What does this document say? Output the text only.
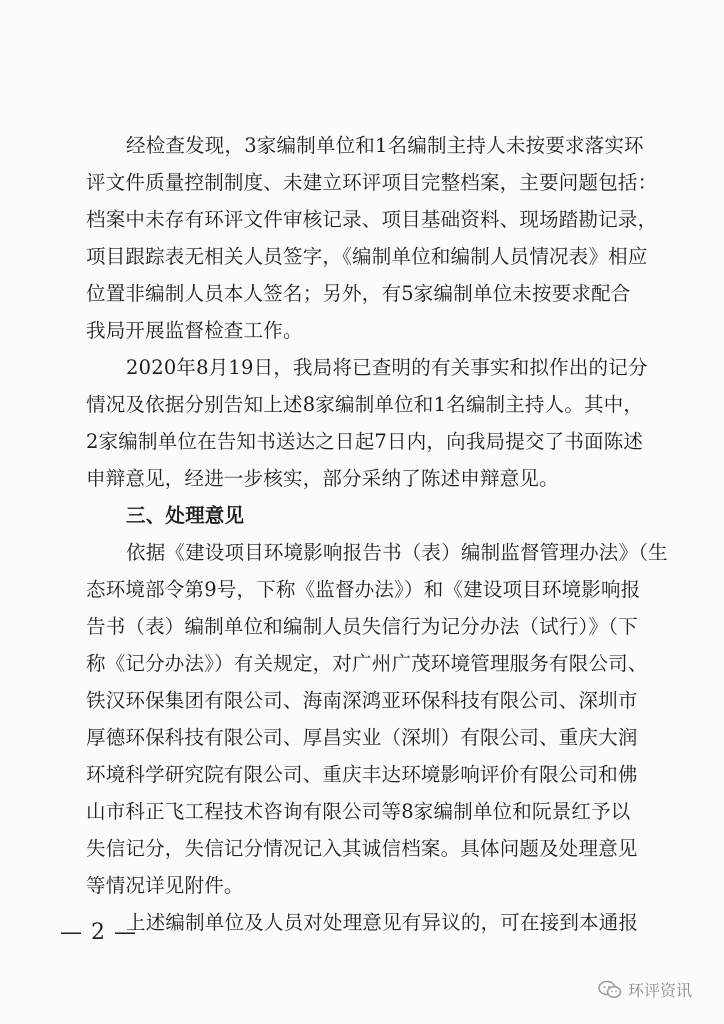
经检查发现，3家编制单位和1名编制主持人未按要求落实环
评文件质量控制制度、未建立环评项目完整档案，主要问题包括：
档案中未存有环评文件审核记录、项目基础资料、现场踏勘记录，
项目跟踪表无相关人员签字，《编制单位和编制人员情况表》相应
位置非编制人员本人签名；另外，有5家编制单位未按要求配合
我局开展监督检查工作。
2020年8月19日，我局将已查明的有关事实和拟作出的记分
情况及依据分别告知上述8家编制单位和1名编制主持人。其中，
2家编制单位在告知书送达之日起7日内，向我局提交了书面陈述
申辩意见，经进一步核实，部分采纳了陈述申辩意见。
三、处理意见
依据《建设项目环境影响报告书（表）编制监督管理办法》（生
态环境部令第9号，下称《监督办法》）和《建设项目环境影响报
告书（表）编制单位和编制人员失信行为记分办法（试行）》（下
称《记分办法》）有关规定，对广州广茂环境管理服务有限公司、
铁汉环保集团有限公司、海南深鸿亚环保科技有限公司、深圳市
厚德环保科技有限公司、厚昌实业（深圳）有限公司、重庆大润
环境科学研究院有限公司、重庆丰达环境影响评价有限公司和佛
山市科正飞工程技术咨询有限公司等8家编制单位和阮景红予以
失信记分，失信记分情况记入其诚信档案。具体问题及处理意见
等情况详见附件。
上述编制单位及人员对处理意见有异议的，可在接到本通报
— 2 —
环评资讯
